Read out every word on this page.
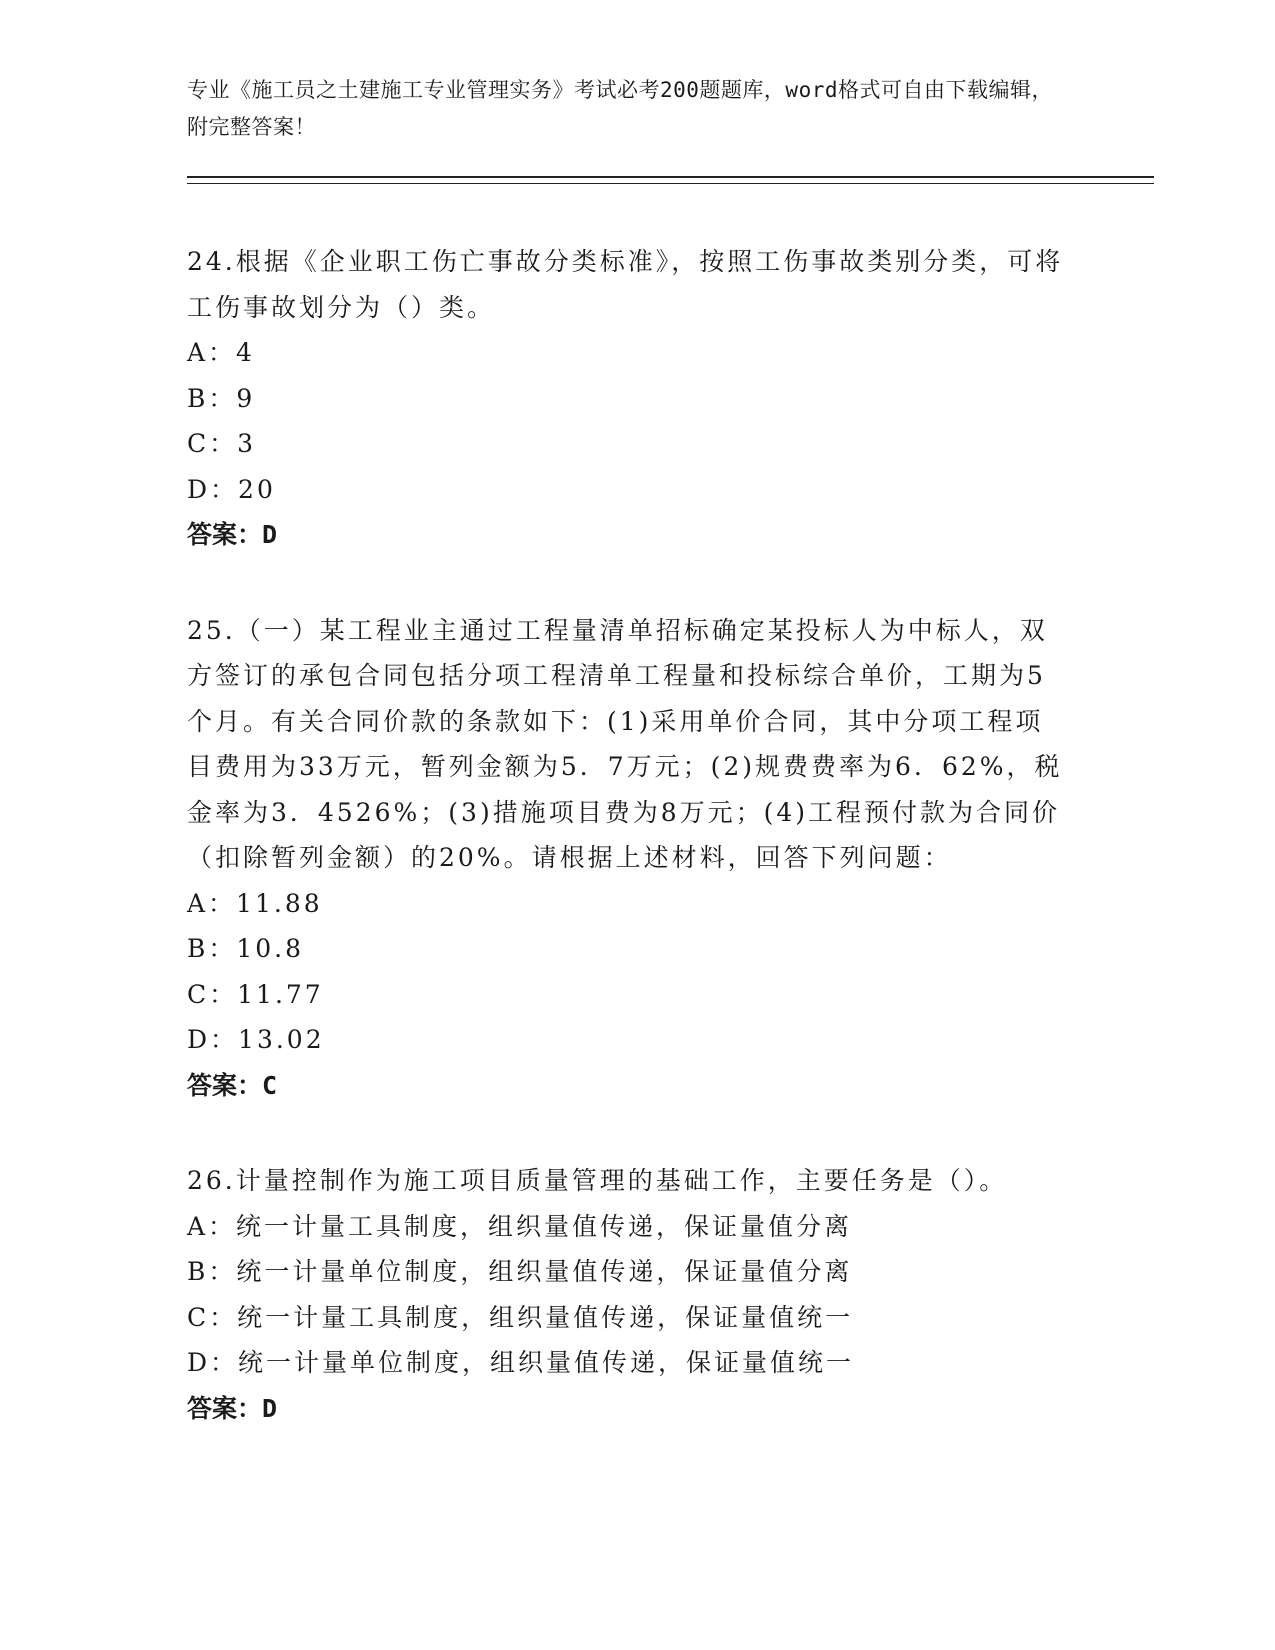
专业《施工员之土建施工专业管理实务》考试必考200题题库，word格式可自由下载编辑，附完整答案！
24.根据《企业职工伤亡事故分类标准》，按照工伤事故类别分类，可将工伤事故划分为（）类。
A：4
B：9
C：3
D：20
答案：D
25.（一）某工程业主通过工程量清单招标确定某投标人为中标人，双方签订的承包合同包括分项工程清单工程量和投标综合单价，工期为5个月。有关合同价款的条款如下：(1)采用单价合同，其中分项工程项目费用为33万元，暂列金额为5．7万元；(2)规费费率为6．62%，税金率为3．4526%；(3)措施项目费为8万元；(4)工程预付款为合同价（扣除暂列金额）的20%。请根据上述材料，回答下列问题：
A：11.88
B：10.8
C：11.77
D：13.02
答案：C
26.计量控制作为施工项目质量管理的基础工作，主要任务是（）。
A：统一计量工具制度，组织量值传递，保证量值分离
B：统一计量单位制度，组织量值传递，保证量值分离
C：统一计量工具制度，组织量值传递，保证量值统一
D：统一计量单位制度，组织量值传递，保证量值统一
答案：D
